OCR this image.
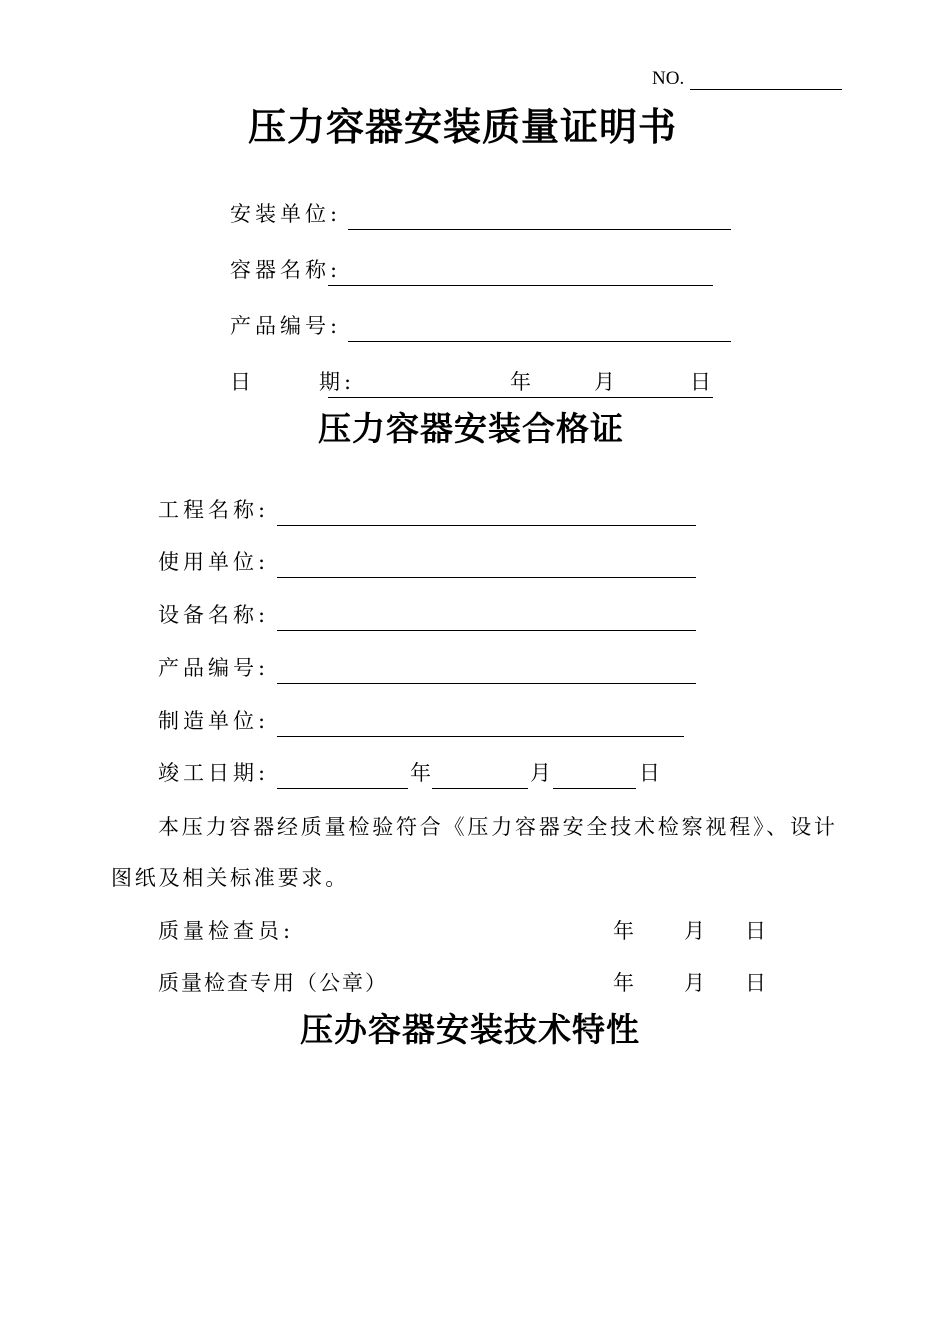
NO.
压力容器安装质量证明书
安装单位:
容器名称:
产品编号:
日      期:	年	月	日
压力容器安装合格证
工程名称:
使用单位:
设备名称:
产品编号:
制造单位:
竣工日期:	年	月	日
本压力容器经质量检验符合《压力容器安全技术检察视程》、设计
图纸及相关标准要求。
质量检查员:	年 月 日
质量检查专用（公章）	年 月 日
压办容器安装技术特性
